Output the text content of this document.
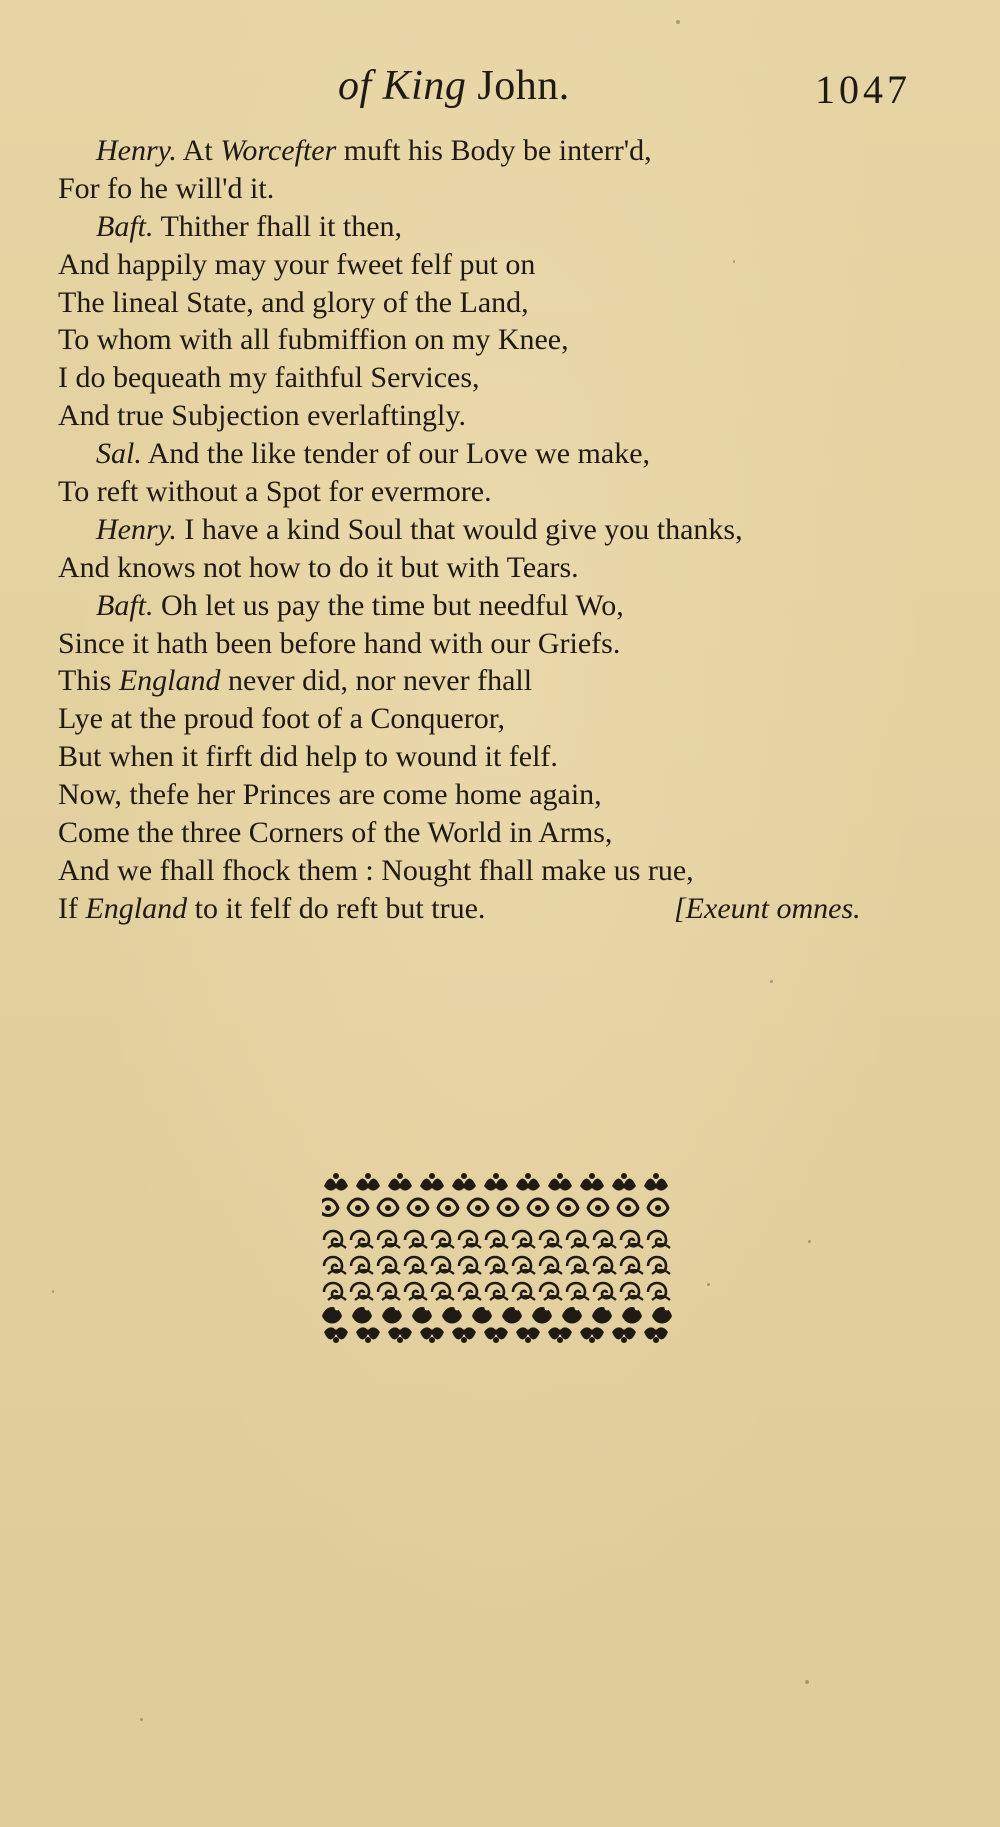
of King John.	1047
Henry. At Worcefter muft his Body be interr'd,
For fo he will'd it.
Baft. Thither fhall it then,
And happily may your fweet felf put on
The lineal State, and glory of the Land,
To whom with all fubmiffion on my Knee,
I do bequeath my faithful Services,
And true Subjection everlaftingly.
Sal. And the like tender of our Love we make,
To reft without a Spot for evermore.
Henry. I have a kind Soul that would give you thanks,
And knows not how to do it but with Tears.
Baft. Oh let us pay the time but needful Wo,
Since it hath been before hand with our Griefs.
This England never did, nor never fhall
Lye at the proud foot of a Conqueror,
But when it firft did help to wound it felf.
Now, thefe her Princes are come home again,
Come the three Corners of the World in Arms,
And we fhall fhock them : Nought fhall make us rue,
If England to it felf do reft but true.	[Exeunt omnes.
